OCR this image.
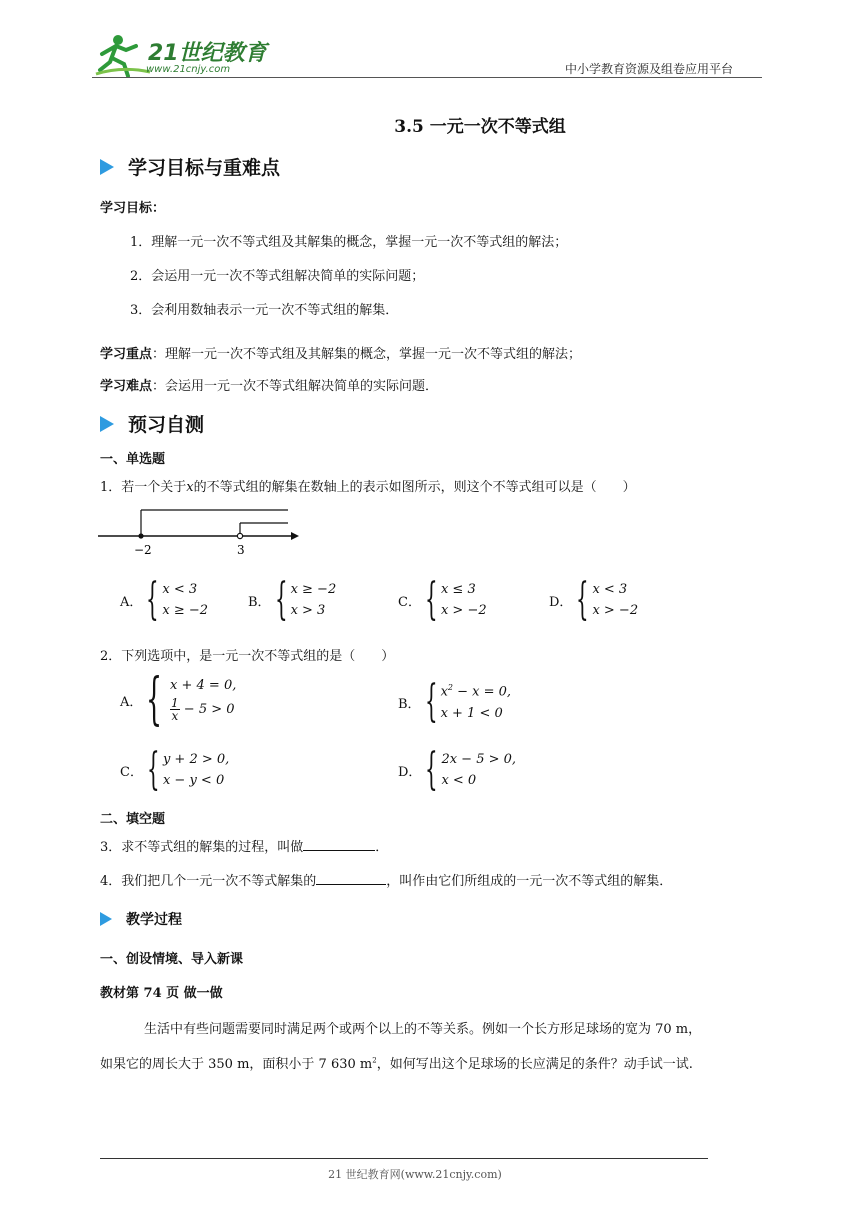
21世纪教育
www.21cnjy.com	中小学教育资源及组卷应用平台
3.5 一元一次不等式组
学习目标与重难点
学习目标：
1．理解一元一次不等式组及其解集的概念，掌握一元一次不等式组的解法；
2．会运用一元一次不等式组解决简单的实际问题；
3．会利用数轴表示一元一次不等式组的解集．
学习重点：理解一元一次不等式组及其解集的概念，掌握一元一次不等式组的解法；
学习难点：会运用一元一次不等式组解决简单的实际问题．
预习自测
一、单选题
1．若一个关于x的不等式组的解集在数轴上的表示如图所示，则这个不等式组可以是（　　）
−2	3
A． { x < 3
x ≥ −2
B． { x ≥ −2
x > 3
C． { x ≤ 3
x > −2
D． { x < 3
x > −2
2．下列选项中，是一元一次不等式组的是（　　）
A． { x + 4 = 0,
$\frac{1}{x} - 5 > 0$	B． { $x^2 - x = 0$,
x + 1 < 0
C． { y + 2 > 0,
x − y < 0
D． { 2x − 5 > 0,
x < 0
二、填空题
3．求不等式组的解集的过程，叫做	．
4．我们把几个一元一次不等式解集的	，叫作由它们所组成的一元一次不等式组的解集．
教学过程
一、创设情境、导入新课
教材第 74 页 做一做
生活中有些问题需要同时满足两个或两个以上的不等关系。例如一个长方形足球场的宽为 70 m，
如果它的周长大于 350 m，面积小于 7 630 $m^2$，如何写出这个足球场的长应满足的条件？动手试一试.
21 世纪教育网(www.21cnjy.com)
